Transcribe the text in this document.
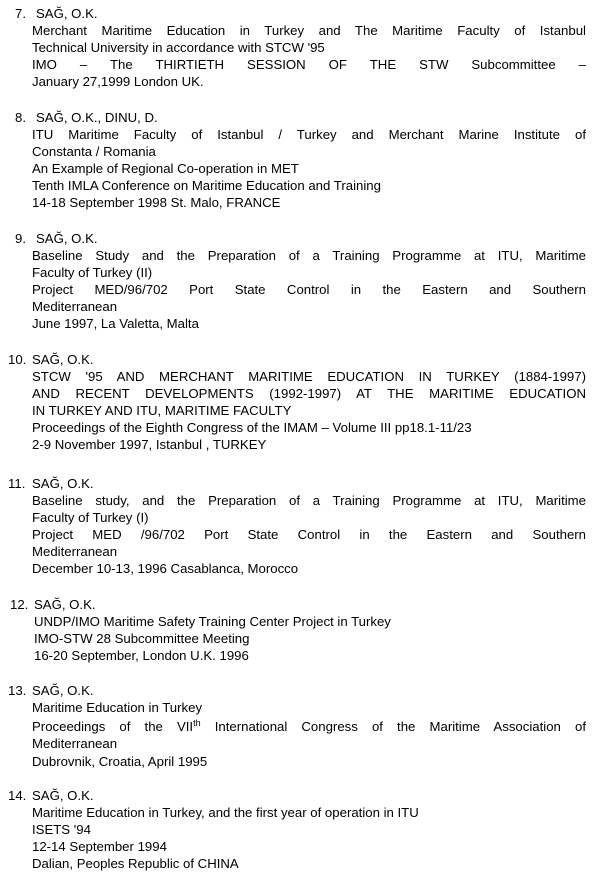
7. SAĞ, O.K.
Merchant Maritime Education in Turkey and The Maritime Faculty of Istanbul
Technical University in accordance with STCW '95
IMO – The THIRTIETH SESSION OF THE STW Subcommittee –
January 27,1999 London UK.
8. SAĞ, O.K., DINU, D.
ITU Maritime Faculty of Istanbul / Turkey and Merchant Marine Institute of
Constanta / Romania
An Example of Regional Co-operation in MET
Tenth IMLA Conference on Maritime Education and Training
14-18 September 1998 St. Malo, FRANCE
9. SAĞ, O.K.
Baseline Study and the Preparation of a Training Programme at ITU, Maritime
Faculty of Turkey (II)
Project MED/96/702 Port State Control in the Eastern and Southern
Mediterranean
June 1997, La Valetta, Malta
10. SAĞ, O.K.
STCW '95 AND MERCHANT MARITIME EDUCATION IN TURKEY (1884-1997)
AND RECENT DEVELOPMENTS (1992-1997) AT THE MARITIME EDUCATION
IN TURKEY AND ITU, MARITIME FACULTY
Proceedings of the Eighth Congress of the IMAM – Volume III pp18.1-11/23
2-9 November 1997, Istanbul , TURKEY
11. SAĞ, O.K.
Baseline study, and the Preparation of a Training Programme at ITU, Maritime
Faculty of Turkey (I)
Project MED /96/702 Port State Control in the Eastern and Southern
Mediterranean
December 10-13, 1996 Casablanca, Morocco
12. SAĞ, O.K.
UNDP/IMO Maritime Safety Training Center Project in Turkey
IMO-STW 28 Subcommittee Meeting
16-20 September, London U.K. 1996
13. SAĞ, O.K.
Maritime Education in Turkey
Proceedings of the VIIth International Congress of the Maritime Association of
Mediterranean
Dubrovnik, Croatia, April 1995
14. SAĞ, O.K.
Maritime Education in Turkey, and the first year of operation in ITU
ISETS '94
12-14 September 1994
Dalian, Peoples Republic of CHINA
